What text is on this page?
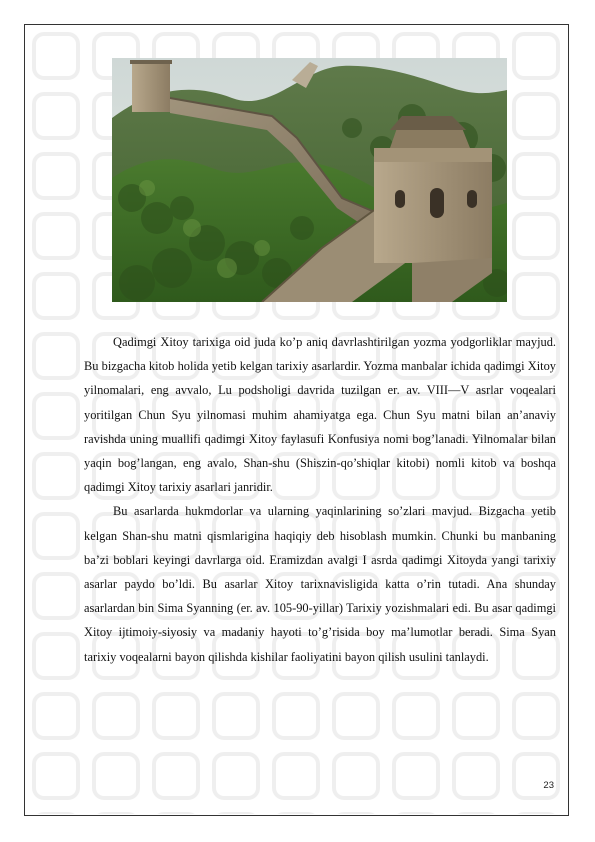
Qadimgi Xitoy tarixiga oid juda ko’p aniq davrlashtirilgan yozma yodgorliklar mayjud. Bu bizgacha kitob holida yetib kelgan tarixiy asarlardir. Yozma manbalar ichida qadimgi Xitoy yilnomalari, eng avvalo, Lu podsholigi davrida tuzilgan er. av. VIII—V asrlar voqealari yoritilgan Chun Syu yilnomasi muhim ahamiyatga ega. Chun Syu matni bilan an’anaviy ravishda uning muallifi qadimgi Xitoy faylasufi Konfusiya nomi bog’lanadi. Yilnomalar bilan yaqin bog’langan, eng avalo, Shan-shu (Shiszin-qo’shiqlar kitobi) nomli kitob va boshqa qadimgi Xitoy tarixiy asarlari janridir.

Bu asarlarda hukmdorlar va ularning yaqinlarining so’zlari mavjud. Bizgacha yetib kelgan Shan-shu matni qismlarigina haqiqiy deb hisoblash mumkin. Chunki bu manbaning ba’zi boblari keyingi davrlarga oid. Eramizdan avalgi I asrda qadimgi Xitoyda yangi tarixiy asarlar paydo bo’ldi. Bu asarlar Xitoy tarixnavisligida katta o’rin tutadi. Ana shunday asarlardan bin Sima Syanning (er. av. 105-90-yillar) Tarixiy yozishmalari edi. Bu asar qadimgi Xitoy ijtimoiy-siyosiy va madaniy hayoti to’g’risida boy ma’lumotlar beradi. Sima Syan tarixiy voqealarni bayon qilishda kishilar faoliyatini bayon qilish usulini tanlaydi.

23
